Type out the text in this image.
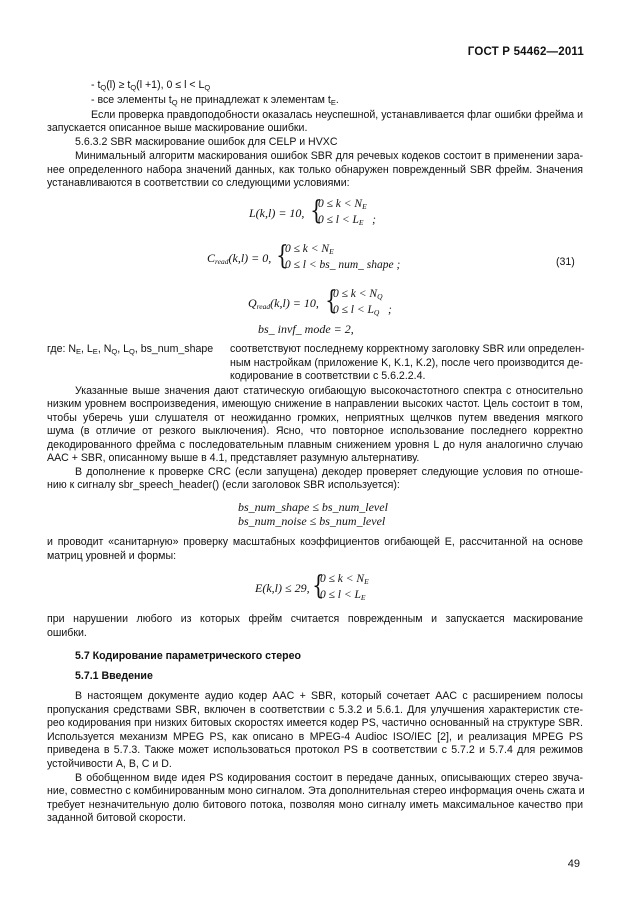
ГОСТ Р 54462—2011
- $t_Q(l) \ge t_Q(l +1)$, $0 \le l < L_Q$
- все элементы $t_Q$ не принадлежат к элементам $t_E$.
Если проверка правдоподобности оказалась неуспешной, устанавливается флаг ошибки фрейма и
запускается описанное выше маскирование ошибки.
5.6.3.2 SBR маскирование ошибок для CELP и HVXC
Минимальный алгоритм маскирования ошибок SBR для речевых кодеков состоит в применении зара-
нее определенного набора значений данных, как только обнаружен поврежденный SBR фрейм. Значения
устанавливаются в соответствии со следующими условиями:
L(k,l) = 10, {
$0 \le k < N_E$
$0 \le l < L_E$   ;
$C_{read}(k,l) = 0$, {
$0 \le k < N_E$
0 ≤ l < bs_ num_ shape ;	(31)
$Q_{read}(k,l) = 10$, {
$0 \le k < N_Q$
$0 \le l < L_Q$   ;
bs_ invf_ mode = 2,
где: $N_E$, $L_E$, $N_Q$, $L_Q$, bs_num_shape	соответствуют последнему корректному заголовку SBR или определен-
ным настройкам (приложение K, K.1, K.2), после чего производится де-
кодирование в соответствии с 5.6.2.2.4.
Указанные выше значения дают статическую огибающую высокочастотного спектра с относительно
низким уровнем воспроизведения, имеющую снижение в направлении высоких частот. Цель состоит в том,
чтобы уберечь уши слушателя от неожиданно громких, неприятных щелчков путем введения мягкого
шума (в отличие от резкого выключения). Ясно, что повторное использование последнего корректно
декодированного фрейма с последовательным плавным снижением уровня L до нуля аналогично случаю
AAC + SBR, описанному выше в 4.1, представляет разумную альтернативу.
В дополнение к проверке CRC (если запущена) декодер проверяет следующие условия по отноше-
нию к сигналу sbr_speech_header() (если заголовок SBR используется):
bs_num_shape ≤ bs_num_level
bs_num_noise ≤ bs_num_level
и проводит «санитарную» проверку масштабных коэффициентов огибающей E, рассчитанной на основе
матриц уровней и формы:
E(k,l) ≤ 29, {
$0 \le k < N_E$
$0 \le l < L_E$
при нарушении любого из которых фрейм считается поврежденным и запускается маскирование
ошибки.
5.7 Кодирование параметрического стерео
5.7.1 Введение
В настоящем документе аудио кодер AAC + SBR, который сочетает AAC с расширением полосы
пропускания средствами SBR, включен в соответствии с 5.3.2 и 5.6.1. Для улучшения характеристик сте-
рео кодирования при низких битовых скоростях имеется кодер PS, частично основанный на структуре SBR.
Используется механизм MPEG PS, как описано в MPEG-4 Audioc ISO/IEC [2], и реализация MPEG PS
приведена в 5.7.3. Также может использоваться протокол PS в соответствии с 5.7.2 и 5.7.4 для режимов
устойчивости A, B, C и D.
В обобщенном виде идея PS кодирования состоит в передаче данных, описывающих стерео звуча-
ние, совместно с комбинированным моно сигналом. Эта дополнительная стерео информация очень сжата и
требует незначительную долю битового потока, позволяя моно сигналу иметь максимальное качество при
заданной битовой скорости.
49
